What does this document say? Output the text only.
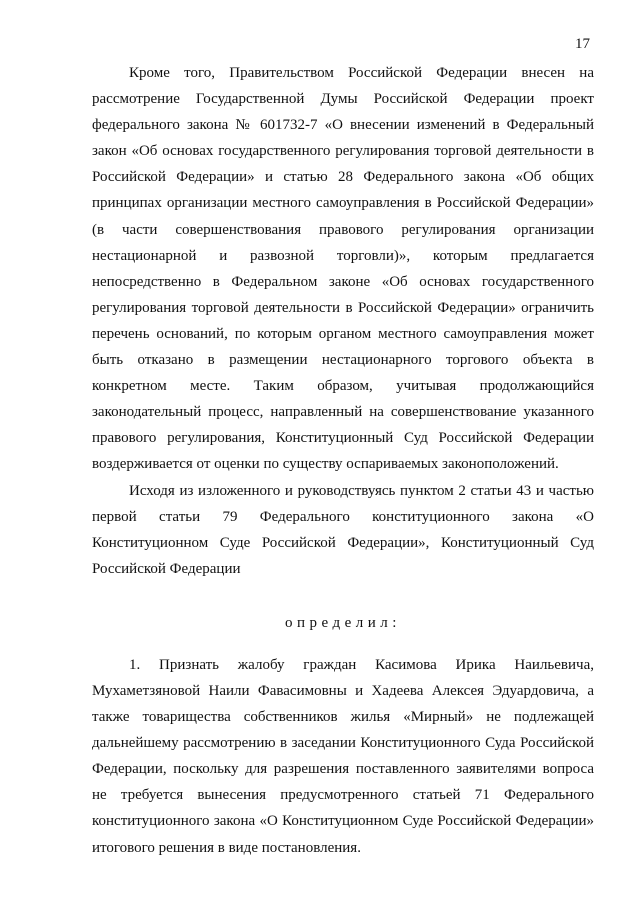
17

Кроме того, Правительством Российской Федерации внесен на рассмотрение Государственной Думы Российской Федерации проект федерального закона № 601732-7 «О внесении изменений в Федеральный закон «Об основах государственного регулирования торговой деятельности в Российской Федерации» и статью 28 Федерального закона «Об общих принципах организации местного самоуправления в Российской Федерации» (в части совершенствования правового регулирования организации нестационарной и развозной торговли)», которым предлагается непосредственно в Федеральном законе «Об основах государственного регулирования торговой деятельности в Российской Федерации» ограничить перечень оснований, по которым органом местного самоуправления может быть отказано в размещении нестационарного торгового объекта в конкретном месте. Таким образом, учитывая продолжающийся законодательный процесс, направленный на совершенствование указанного правового регулирования, Конституционный Суд Российской Федерации воздерживается от оценки по существу оспариваемых законоположений.

Исходя из изложенного и руководствуясь пунктом 2 статьи 43 и частью первой статьи 79 Федерального конституционного закона «О Конституционном Суде Российской Федерации», Конституционный Суд Российской Федерации

определил:

1. Признать жалобу граждан Касимова Ирика Наильевича, Мухаметзяновой Наили Фавасимовны и Хадеева Алексея Эдуардовича, а также товарищества собственников жилья «Мирный» не подлежащей дальнейшему рассмотрению в заседании Конституционного Суда Российской Федерации, поскольку для разрешения поставленного заявителями вопроса не требуется вынесения предусмотренного статьей 71 Федерального конституционного закона «О Конституционном Суде Российской Федерации» итогового решения в виде постановления.
